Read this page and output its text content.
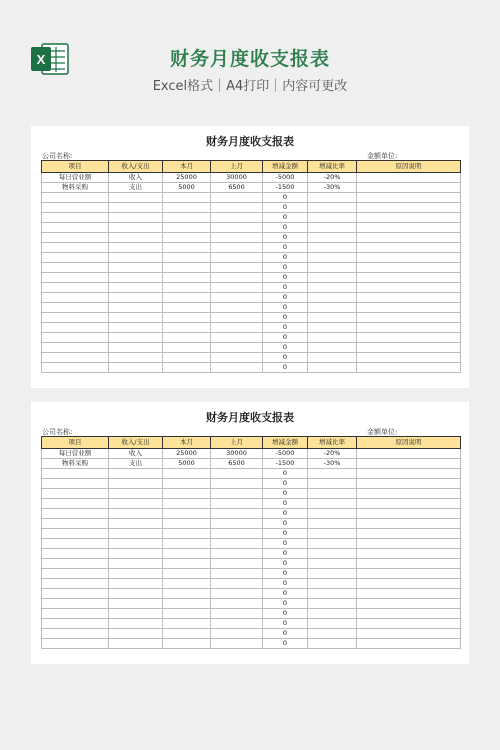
X	财务月度收支报表
Excel格式｜A4打印｜内容可更改
财务月度收支报表
公司名称:	金额单位:
项目	收入/支出	本月	上月	增减金额	增减比率	原因说明
每日营业额	收入	25000	30000	-5000	-20%	
物料采购	支出	5000	6500	-1500	-30%	
				0		
				0		
				0		
				0		
				0		
				0		
				0		
				0		
				0		
				0		
				0		
				0		
				0		
				0		
				0		
				0		
				0		
				0		
财务月度收支报表
公司名称:	金额单位:
项目	收入/支出	本月	上月	增减金额	增减比率	原因说明
每日营业额	收入	25000	30000	-5000	-20%	
物料采购	支出	5000	6500	-1500	-30%	
				0		
				0		
				0		
				0		
				0		
				0		
				0		
				0		
				0		
				0		
				0		
				0		
				0		
				0		
				0		
				0		
				0		
				0		
